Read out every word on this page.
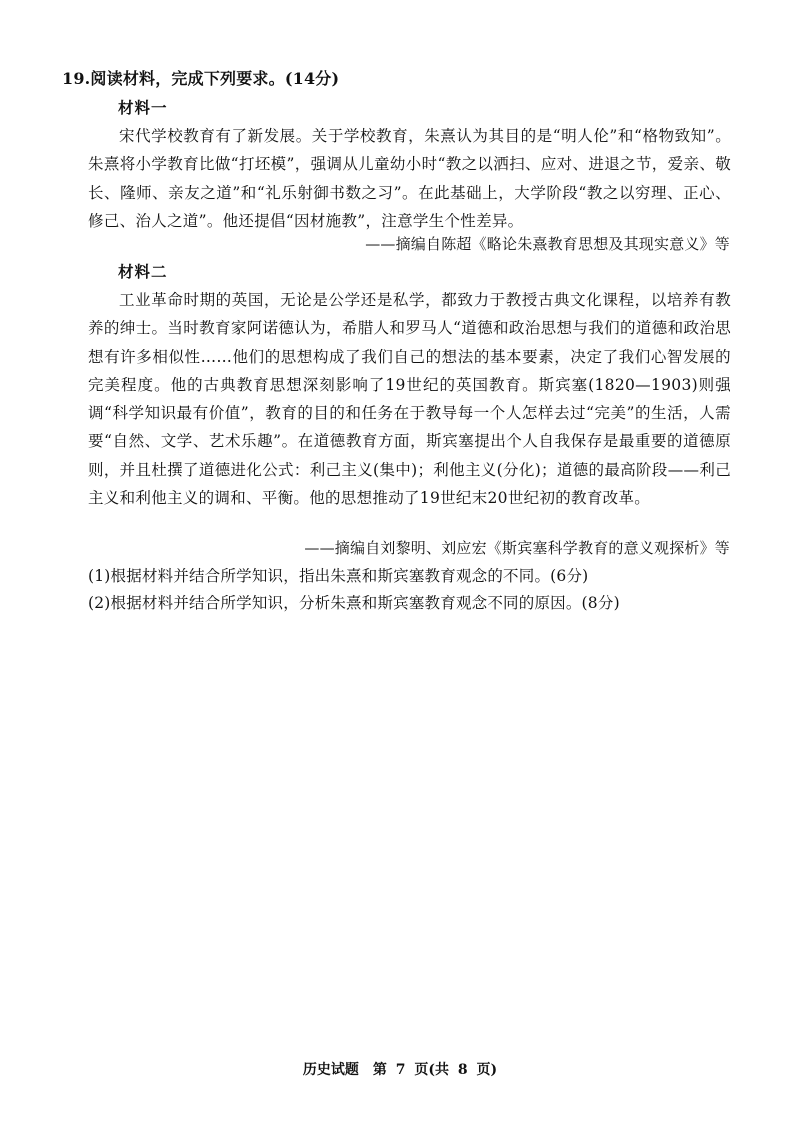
19.阅读材料，完成下列要求。(14分)
材料一

宋代学校教育有了新发展。关于学校教育，朱熹认为其目的是“明人伦”和“格物致知”。朱熹将小学教育比做“打坯模”，强调从儿童幼小时“教之以洒扫、应对、进退之节，爱亲、敬长、隆师、亲友之道”和“礼乐射御书数之习”。在此基础上，大学阶段“教之以穷理、正心、修己、治人之道”。他还提倡“因材施教”，注意学生个性差异。

——摘编自陈超《略论朱熹教育思想及其现实意义》等
材料二

工业革命时期的英国，无论是公学还是私学，都致力于教授古典文化课程，以培养有教养的绅士。当时教育家阿诺德认为，希腊人和罗马人“道德和政治思想与我们的道德和政治思想有许多相似性……他们的思想构成了我们自己的想法的基本要素，决定了我们心智发展的完美程度。他的古典教育思想深刻影响了19世纪的英国教育。斯宾塞(1820—1903)则强调“科学知识最有价值”，教育的目的和任务在于教导每一个人怎样去过“完美”的生活，人需要“自然、文学、艺术乐趣”。在道德教育方面，斯宾塞提出个人自我保存是最重要的道德原则，并且杜撰了道德进化公式：利己主义(集中)；利他主义(分化)；道德的最高阶段——利己主义和利他主义的调和、平衡。他的思想推动了19世纪末20世纪初的教育改革。

——摘编自刘黎明、刘应宏《斯宾塞科学教育的意义观探析》等
(1)根据材料并结合所学知识，指出朱熹和斯宾塞教育观念的不同。(6分)
(2)根据材料并结合所学知识，分析朱熹和斯宾塞教育观念不同的原因。(8分)
历史试题　第 7 页(共 8 页)
